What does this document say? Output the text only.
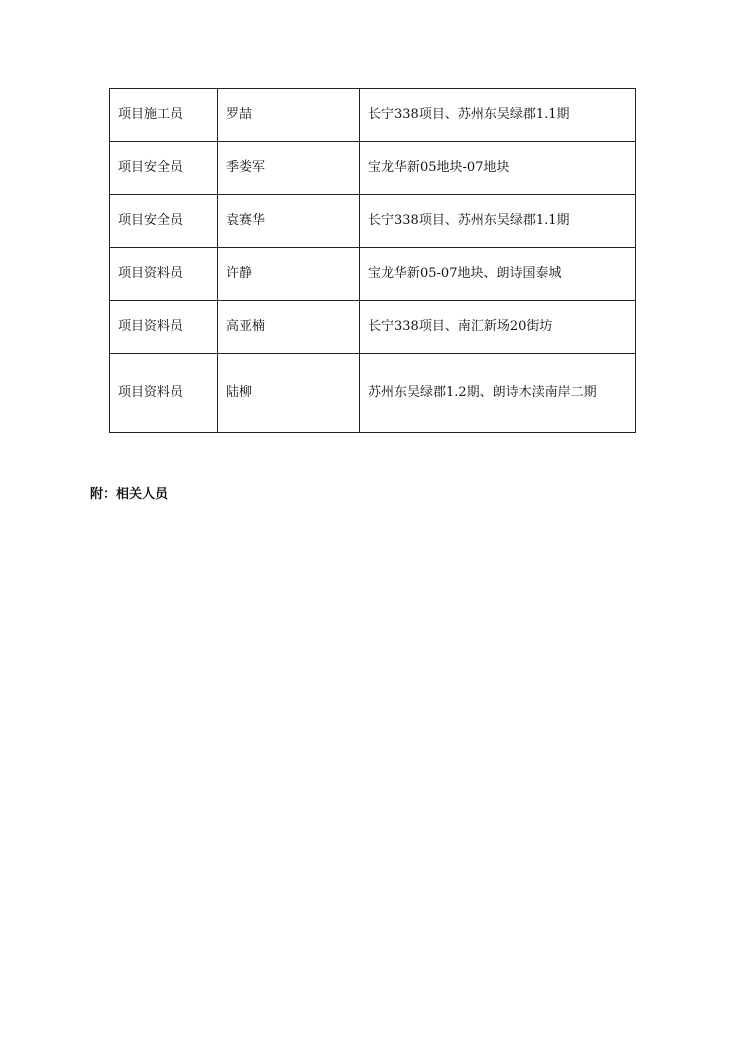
项目施工员	罗喆	长宁338项目、苏州东吴绿郡1.1期
项目安全员	季娄军	宝龙华新05地块-07地块
项目安全员	袁赛华	长宁338项目、苏州东吴绿郡1.1期
项目资料员	许静	宝龙华新05-07地块、朗诗国泰城
项目资料员	高亚楠	长宁338项目、南汇新场20街坊
项目资料员	陆柳	苏州东吴绿郡1.2期、朗诗木渎南岸二期
附：相关人员
